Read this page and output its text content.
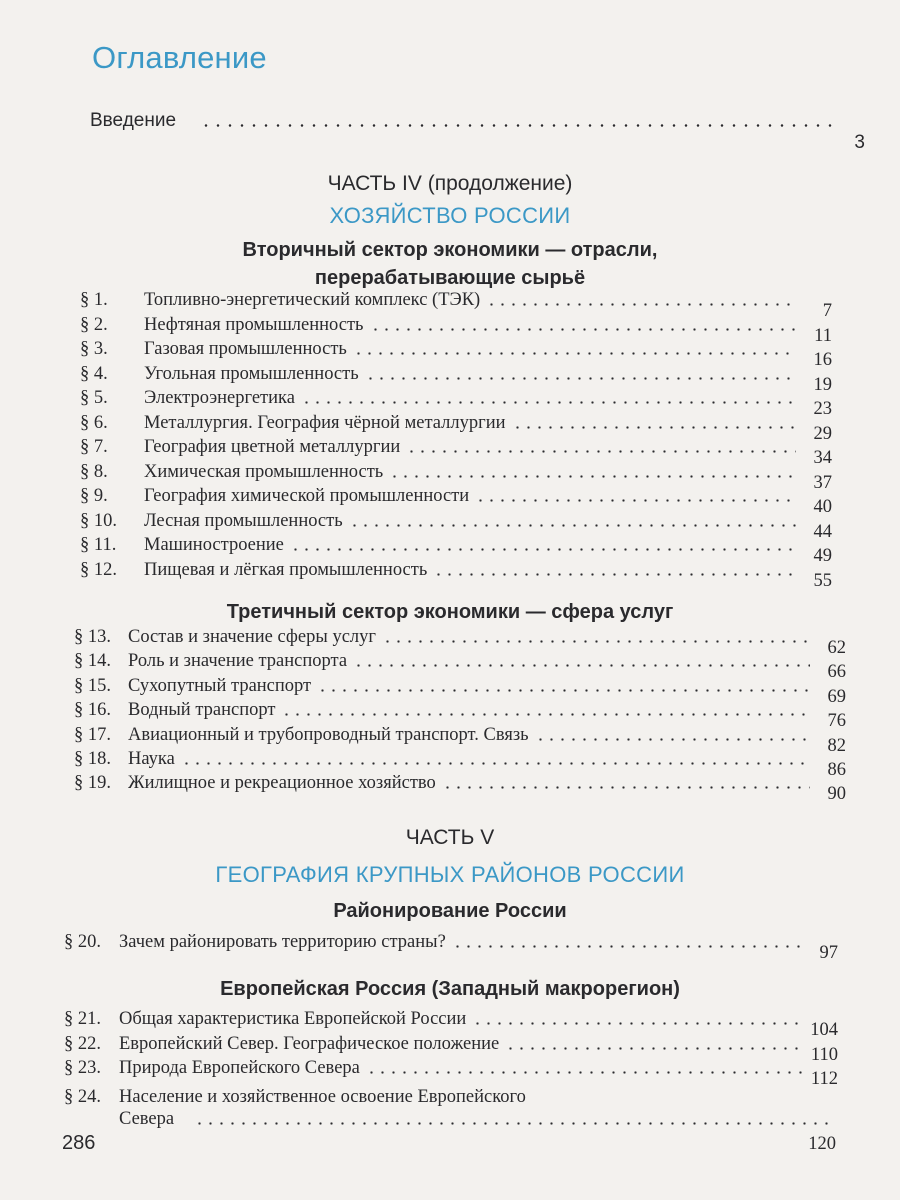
Оглавление
Введение
3
ЧАСТЬ IV (продолжение)
ХОЗЯЙСТВО РОССИИ
Вторичный сектор экономики — отрасли,
перерабатывающие сырьё
§ 1. Топливно-энергетический комплекс (ТЭК)
7
§ 2. Нефтяная промышленность
11
§ 3. Газовая промышленность
16
§ 4. Угольная промышленность
19
§ 5. Электроэнергетика
23
§ 6. Металлургия. География чёрной металлургии
29
§ 7. География цветной металлургии
34
§ 8. Химическая промышленность
37
§ 9. География химической промышленности
40
§ 10. Лесная промышленность
44
§ 11. Машиностроение
49
§ 12. Пищевая и лёгкая промышленность
55
Третичный сектор экономики — сфера услуг
§ 13. Состав и значение сферы услуг
62
§ 14. Роль и значение транспорта
66
§ 15. Сухопутный транспорт
69
§ 16. Водный транспорт
76
§ 17. Авиационный и трубопроводный транспорт. Связь
82
§ 18. Наука
86
§ 19. Жилищное и рекреационное хозяйство
90
ЧАСТЬ V
ГЕОГРАФИЯ КРУПНЫХ РАЙОНОВ РОССИИ
Районирование России
§ 20. Зачем районировать территорию страны?
97
Европейская Россия (Западный макрорегион)
§ 21. Общая характеристика Европейской России
104
§ 22. Европейский Север. Географическое положение
110
§ 23. Природа Европейского Севера
112
§ 24. Население и хозяйственное освоение Европейского
Севера
120
286
